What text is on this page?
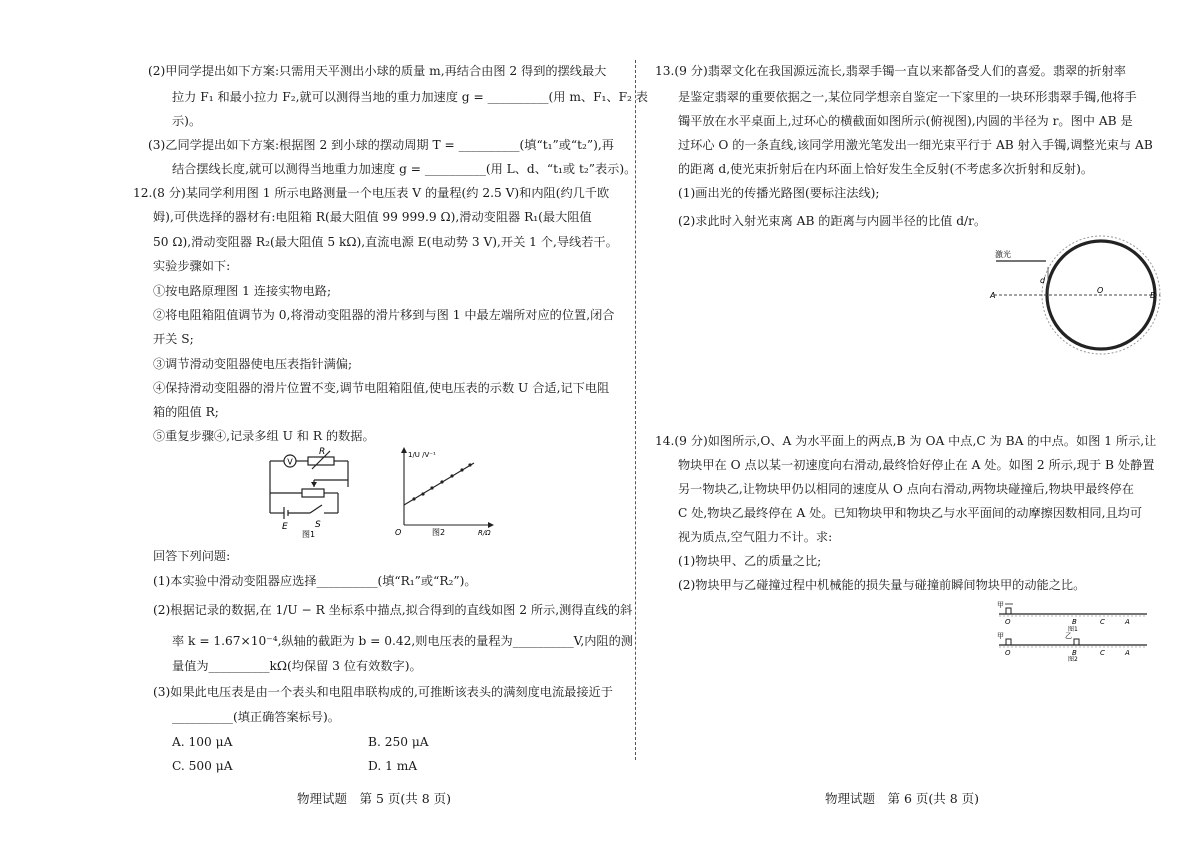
(2)甲同学提出如下方案:只需用天平测出小球的质量 m,再结合由图 2 得到的摆线最大
拉力 F₁ 和最小拉力 F₂,就可以测得当地的重力加速度 g = __________(用 m、F₁、F₂ 表
示)。
(3)乙同学提出如下方案:根据图 2 到小球的摆动周期 T = __________(填“t₁”或“t₂”),再
结合摆线长度,就可以测得当地重力加速度 g = __________(用 L、d、“t₁或 t₂”表示)。
12.(8 分)某同学利用图 1 所示电路测量一个电压表 V 的量程(约 2.5 V)和内阻(约几千欧
姆),可供选择的器材有:电阻箱 R(最大阻值 99 999.9 Ω),滑动变阻器 R₁(最大阻值
50 Ω),滑动变阻器 R₂(最大阻值 5 kΩ),直流电源 E(电动势 3 V),开关 1 个,导线若干。
实验步骤如下:
①按电路原理图 1 连接实物电路;
②将电阻箱阻值调节为 0,将滑动变阻器的滑片移到与图 1 中最左端所对应的位置,闭合
开关 S;
③调节滑动变阻器使电压表指针满偏;
④保持滑动变阻器的滑片位置不变,调节电阻箱阻值,使电压表的示数 U 合适,记下电阻
箱的阻值 R;
⑤重复步骤④,记录多组 U 和 R 的数据。
V
R
E	S
图1
1/U /V⁻¹
R/Ω
O	图2
回答下列问题:
(1)本实验中滑动变阻器应选择__________(填“R₁”或“R₂”)。
(2)根据记录的数据,在 1/U − R 坐标系中描点,拟合得到的直线如图 2 所示,测得直线的斜
率 k = 1.67×10⁻⁴,纵轴的截距为 b = 0.42,则电压表的量程为__________V,内阻的测
量值为__________kΩ(均保留 3 位有效数字)。
(3)如果此电压表是由一个表头和电阻串联构成的,可推断该表头的满刻度电流最接近于
__________(填正确答案标号)。
A. 100 μA	B. 250 μA
C. 500 μA	D. 1 mA
物理试题　第 5 页(共 8 页)
13.(9 分)翡翠文化在我国源远流长,翡翠手镯一直以来都备受人们的喜爱。翡翠的折射率
是鉴定翡翠的重要依据之一,某位同学想亲自鉴定一下家里的一块环形翡翠手镯,他将手
镯平放在水平桌面上,过环心的横截面如图所示(俯视图),内圆的半径为 r。图中 AB 是
过环心 O 的一条直线,该同学用激光笔发出一细光束平行于 AB 射入手镯,调整光束与 AB
的距离 d,使光束折射后在内环面上恰好发生全反射(不考虑多次折射和反射)。
(1)画出光的传播光路图(要标注法线);
(2)求此时入射光束离 AB 的距离与内圆半径的比值 d/r。
激光
A	B
O
d
14.(9 分)如图所示,O、A 为水平面上的两点,B 为 OA 中点,C 为 BA 的中点。如图 1 所示,让
物块甲在 O 点以某一初速度向右滑动,最终恰好停止在 A 处。如图 2 所示,现于 B 处静置
另一物块乙,让物块甲仍以相同的速度从 O 点向右滑动,两物块碰撞后,物块甲最终停在
C 处,物块乙最终停在 A 处。已知物块甲和物块乙与水平面间的动摩擦因数相同,且均可
视为质点,空气阻力不计。求:
(1)物块甲、乙的质量之比;
(2)物块甲与乙碰撞过程中机械能的损失量与碰撞前瞬间物块甲的动能之比。
甲
O	B	C	A
图1
甲	乙
O	B	C	A
图2
物理试题　第 6 页(共 8 页)
